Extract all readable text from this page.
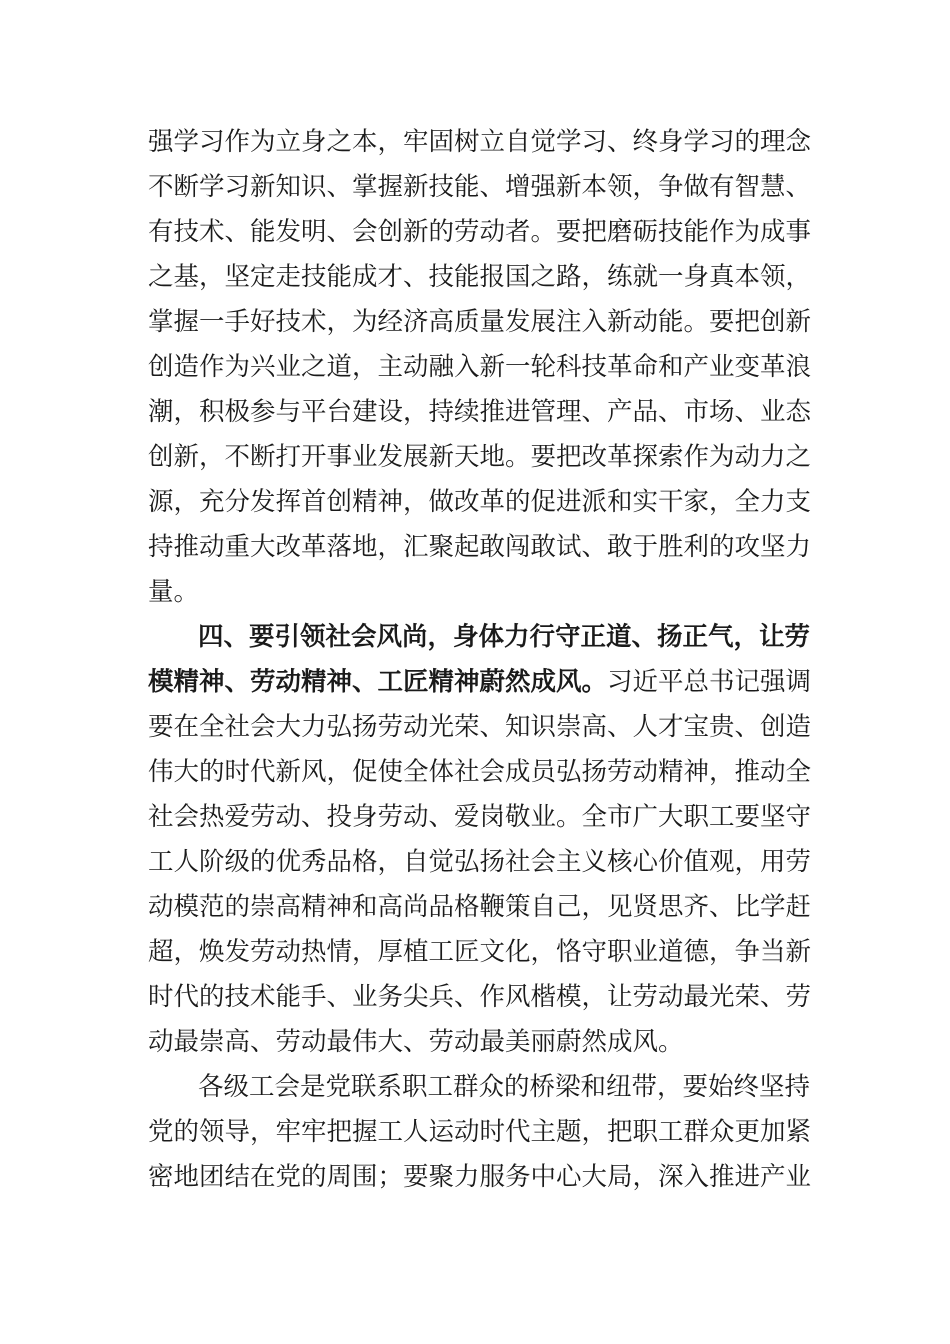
强学习作为立身之本，牢固树立自觉学习、终身学习的理念
不断学习新知识、掌握新技能、增强新本领，争做有智慧、
有技术、能发明、会创新的劳动者。要把磨砺技能作为成事
之基，坚定走技能成才、技能报国之路，练就一身真本领，
掌握一手好技术，为经济高质量发展注入新动能。要把创新
创造作为兴业之道，主动融入新一轮科技革命和产业变革浪
潮，积极参与平台建设，持续推进管理、产品、市场、业态
创新，不断打开事业发展新天地。要把改革探索作为动力之
源，充分发挥首创精神，做改革的促进派和实干家，全力支
持推动重大改革落地，汇聚起敢闯敢试、敢于胜利的攻坚力
量。
四、要引领社会风尚，身体力行守正道、扬正气，让劳
模精神、劳动精神、工匠精神蔚然成风。习近平总书记强调
要在全社会大力弘扬劳动光荣、知识崇高、人才宝贵、创造
伟大的时代新风，促使全体社会成员弘扬劳动精神，推动全
社会热爱劳动、投身劳动、爱岗敬业。全市广大职工要坚守
工人阶级的优秀品格，自觉弘扬社会主义核心价值观，用劳
动模范的崇高精神和高尚品格鞭策自己，见贤思齐、比学赶
超，焕发劳动热情，厚植工匠文化，恪守职业道德，争当新
时代的技术能手、业务尖兵、作风楷模，让劳动最光荣、劳
动最崇高、劳动最伟大、劳动最美丽蔚然成风。
各级工会是党联系职工群众的桥梁和纽带，要始终坚持
党的领导，牢牢把握工人运动时代主题，把职工群众更加紧
密地团结在党的周围；要聚力服务中心大局，深入推进产业
